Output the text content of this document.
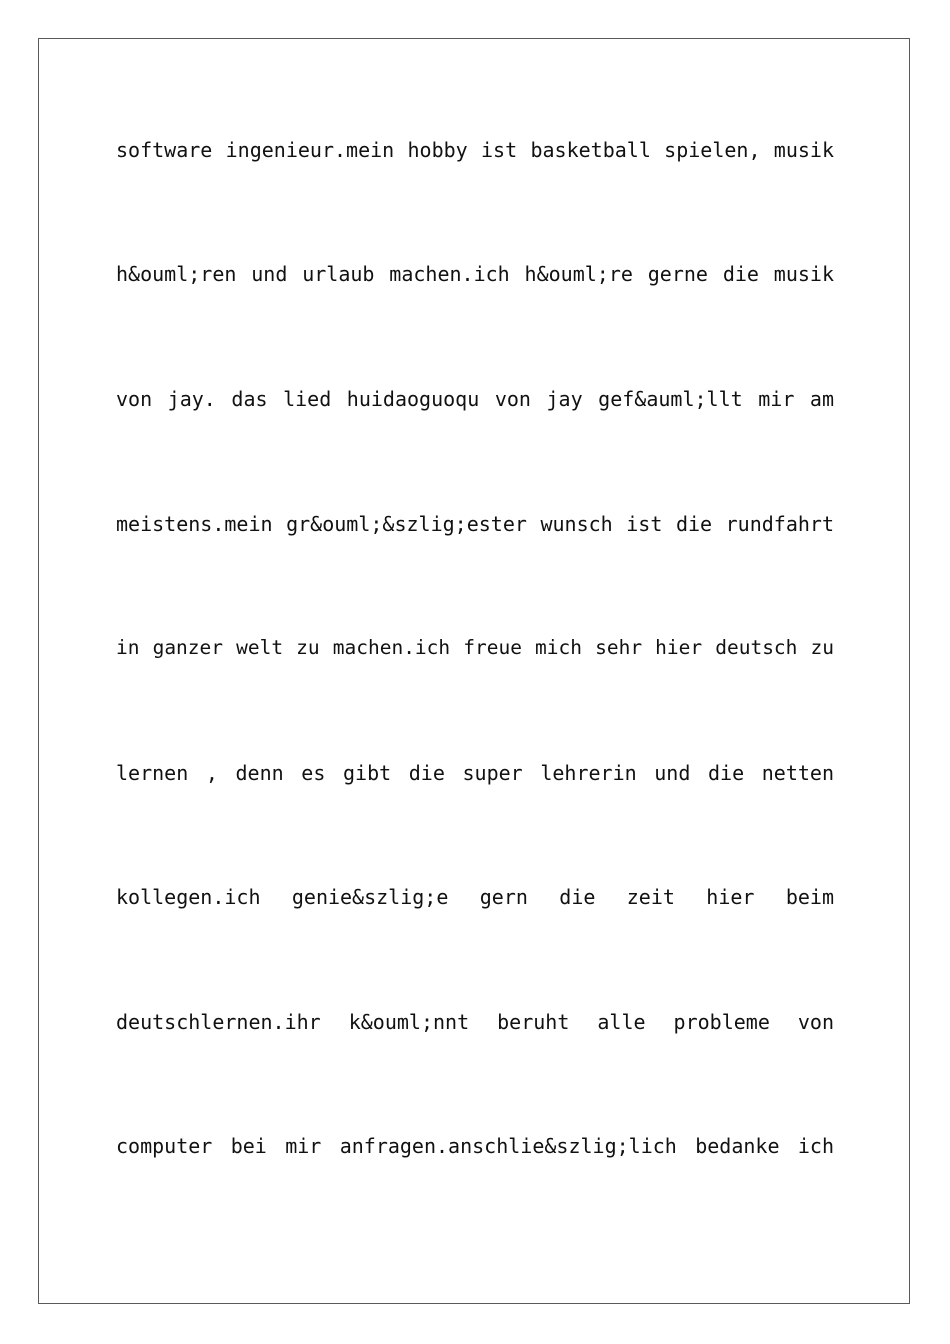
software ingenieur.mein hobby ist basketball spielen, musik
h&ouml;ren und urlaub machen.ich h&ouml;re gerne die musik
von jay. das lied huidaoguoqu von jay gef&auml;llt mir am
meistens.mein gr&ouml;&szlig;ester wunsch ist die rundfahrt
in ganzer welt zu machen.ich freue mich sehr hier deutsch zu
lernen , denn es gibt die super lehrerin und die netten
kollegen.ich genie&szlig;e gern die zeit hier beim
deutschlernen.ihr k&ouml;nnt beruht alle probleme von
computer bei mir anfragen.anschlie&szlig;lich bedanke ich
